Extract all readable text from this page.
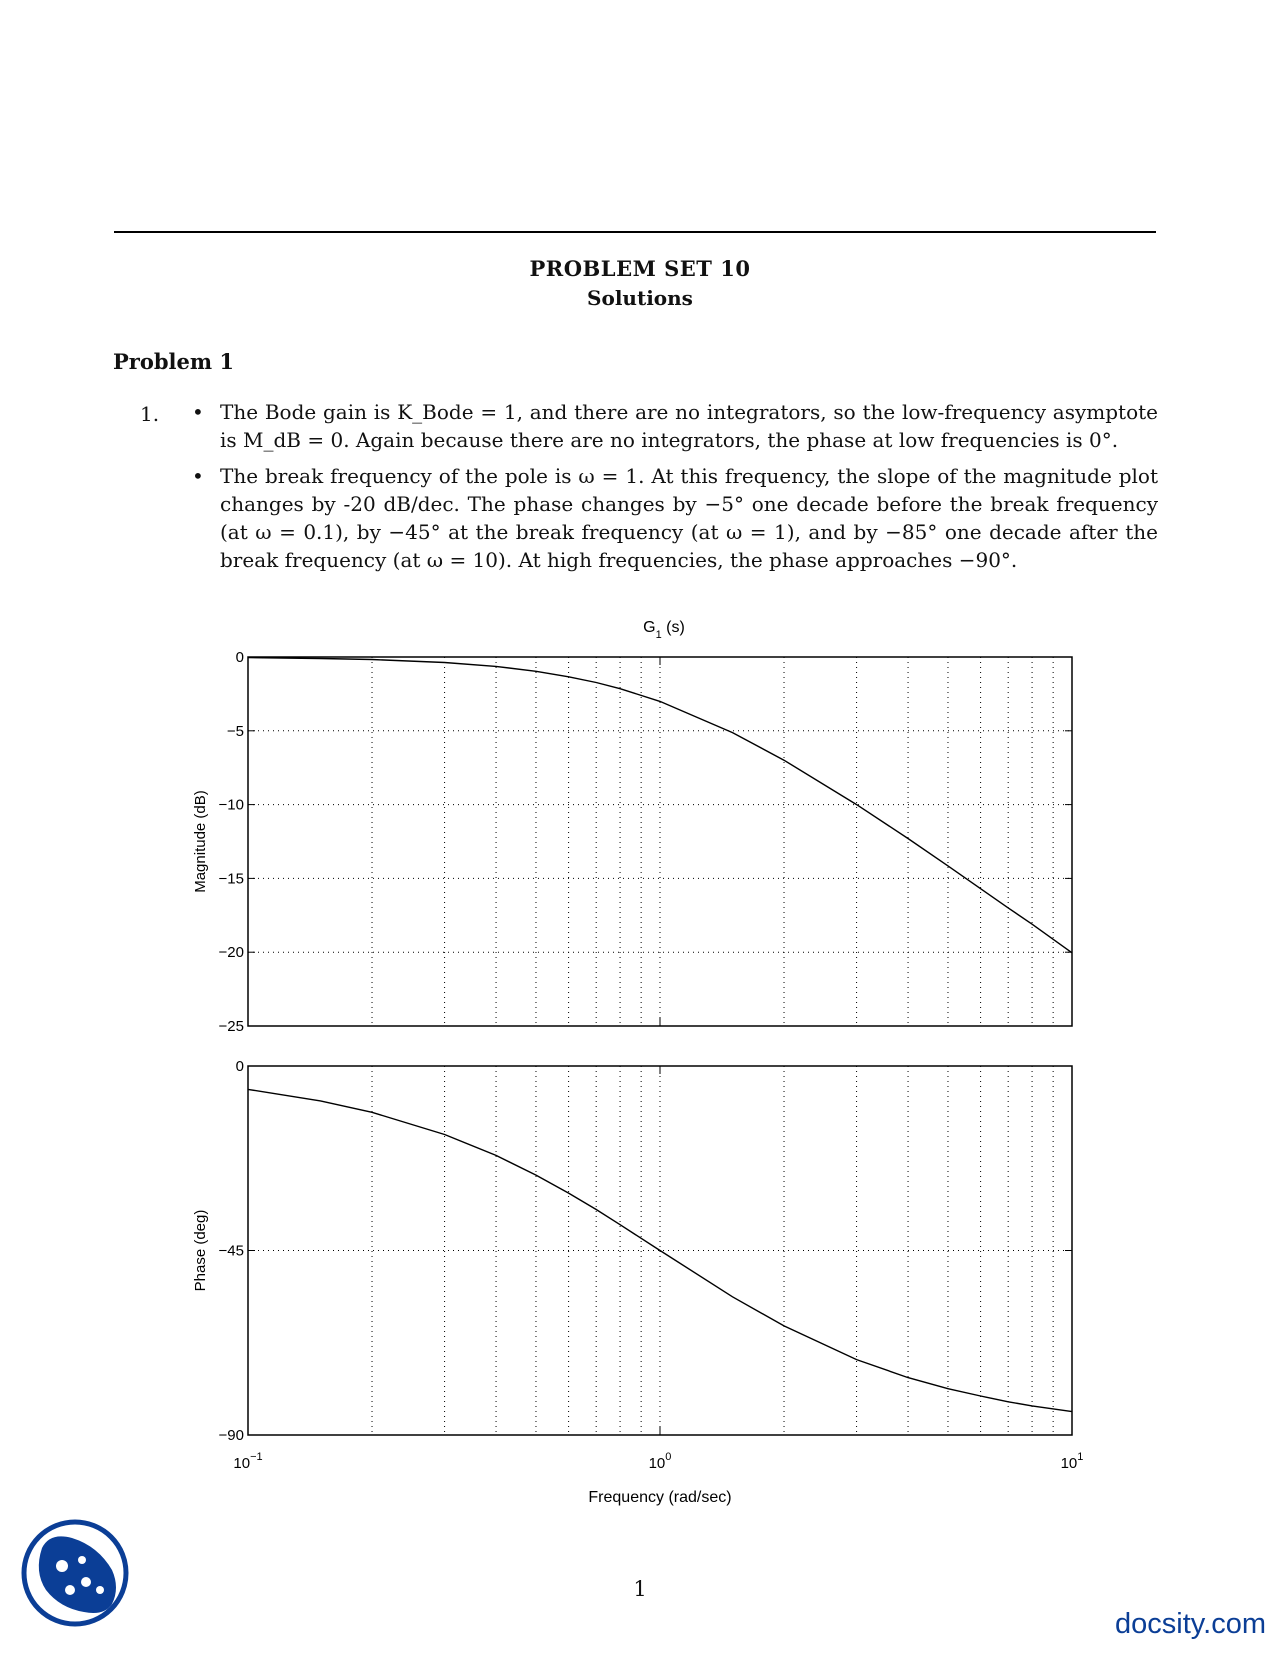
PROBLEM SET 10
Solutions
Problem 1
1. • The Bode gain is K_Bode = 1, and there are no integrators, so the low-frequency asymptote is M_dB = 0. Again because there are no integrators, the phase at low frequencies is 0°.
• The break frequency of the pole is ω = 1. At this frequency, the slope of the magnitude plot changes by -20 dB/dec. The phase changes by −5° one decade before the break frequency (at ω = 0.1), by −45° at the break frequency (at ω = 1), and by −85° one decade after the break frequency (at ω = 10). At high frequencies, the phase approaches −90°.
0
−5
−10
−15
−20
−25
Magnitude (dB)
0
−45
−90
Phase (deg)
$G_1$ (s)
$10^{-1}$	$10^0$	$10^1$
Frequency (rad/sec)
1
docsity.com
